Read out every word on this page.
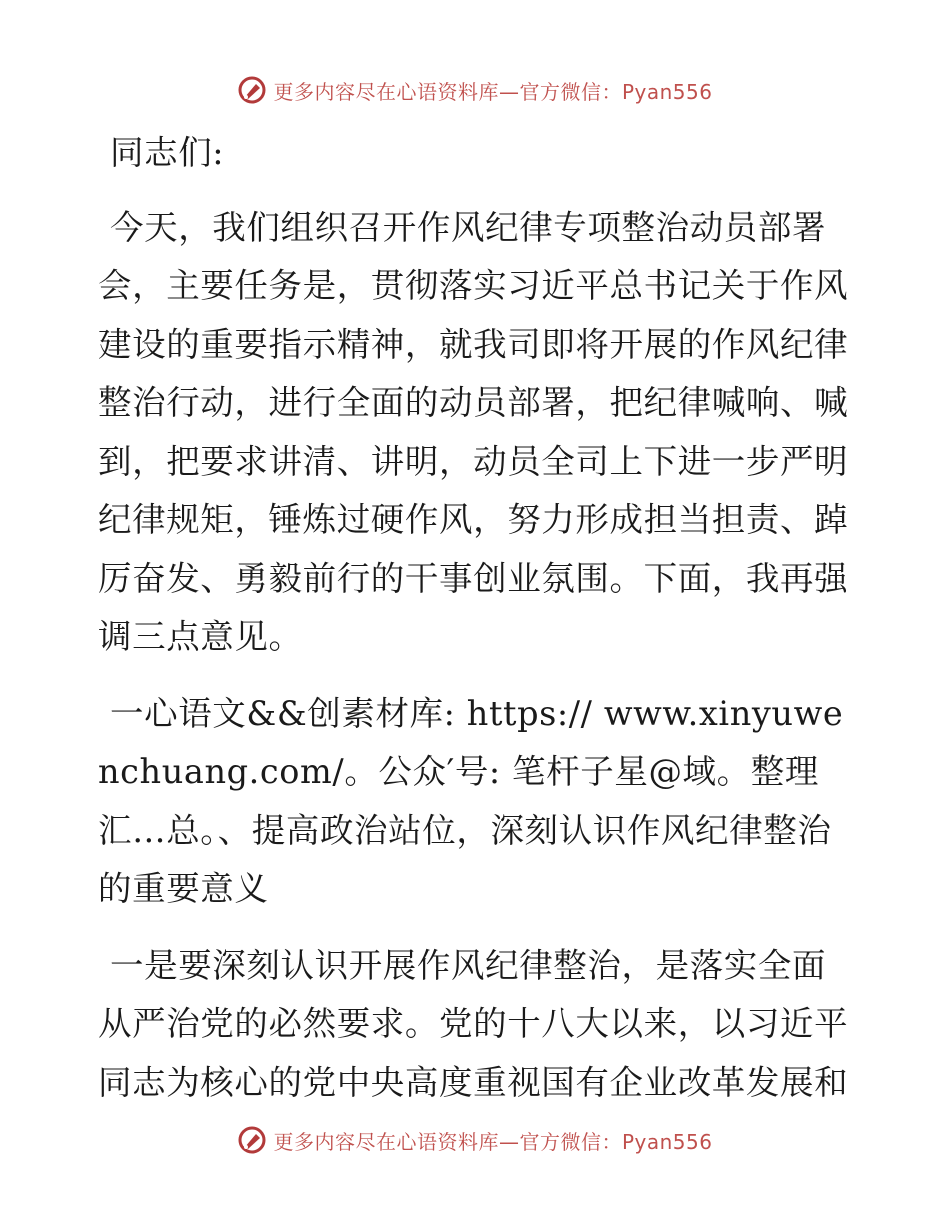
更多内容尽在心语资料库—官方微信：Pyan556

同志们:

今天，我们组织召开作风纪律专项整治动员部署会，主要任务是，贯彻落实习近平总书记关于作风建设的重要指示精神，就我司即将开展的作风纪律整治行动，进行全面的动员部署，把纪律喊响、喊到，把要求讲清、讲明，动员全司上下进一步严明纪律规矩，锤炼过硬作风，努力形成担当担责、踔厉奋发、勇毅前行的干事创业氛围。下面，我再强调三点意见。

一心语文&&创素材库: https:// www.xinyuwenchuang.com/。公众′号: 笔杆子星@域。整理汇…总。、提高政治站位，深刻认识作风纪律整治的重要意义

一是要深刻认识开展作风纪律整治，是落实全面从严治党的必然要求。党的十八大以来，以习近平同志为核心的党中央高度重视国有企业改革发展和

更多内容尽在心语资料库—官方微信：Pyan556
